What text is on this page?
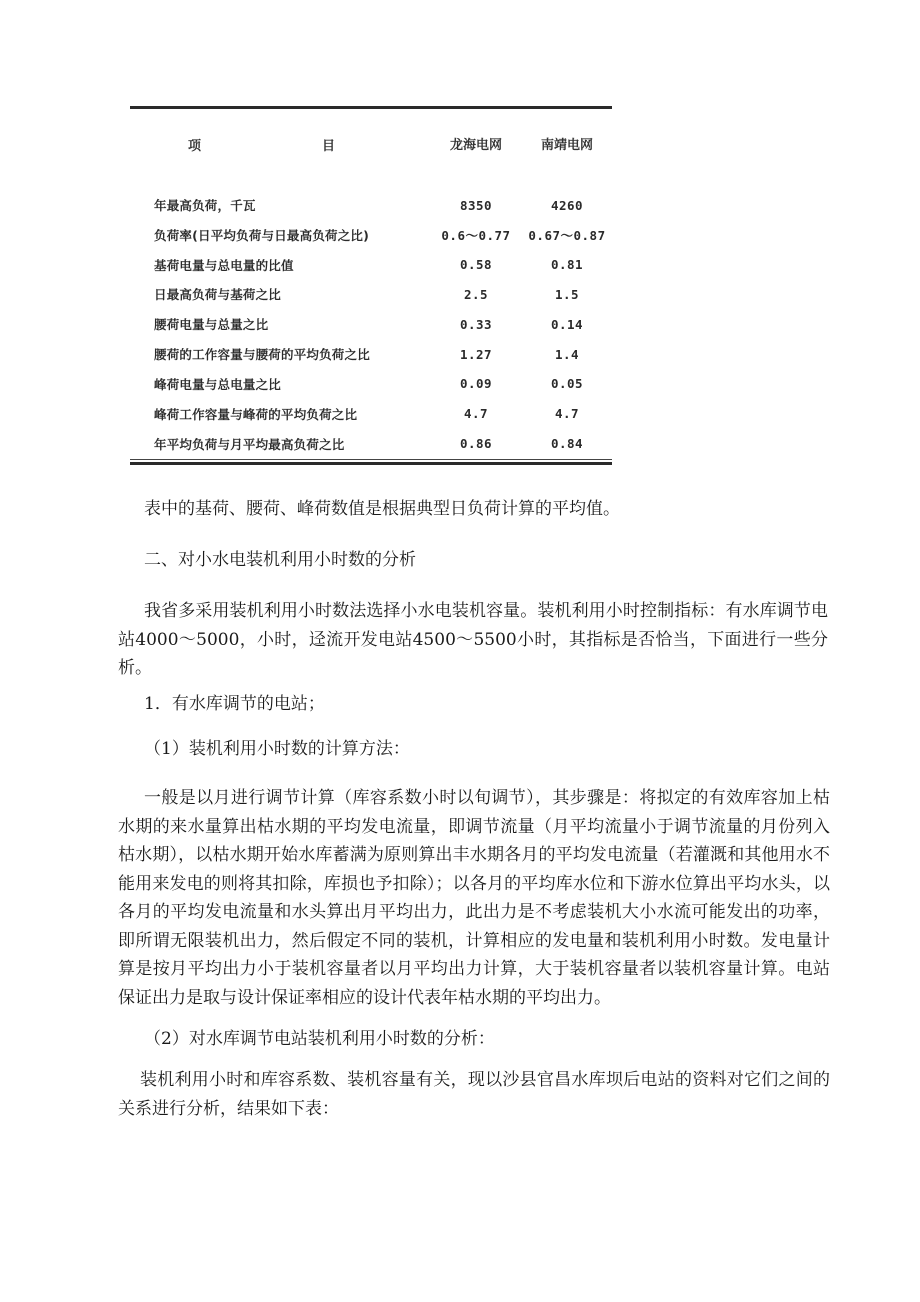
项 目	龙海电网	南靖电网
年最高负荷，千瓦	8350	4260
负荷率(日平均负荷与日最高负荷之比)	0.6～0.77	0.67～0.87
基荷电量与总电量的比值	0.58	0.81
日最高负荷与基荷之比	2.5	1.5
腰荷电量与总量之比	0.33	0.14
腰荷的工作容量与腰荷的平均负荷之比	1.27	1.4
峰荷电量与总电量之比	0.09	0.05
峰荷工作容量与峰荷的平均负荷之比	4.7	4.7
年平均负荷与月平均最高负荷之比	0.86	0.84

表中的基荷、腰荷、峰荷数值是根据典型日负荷计算的平均值。

二、对小水电装机利用小时数的分析

我省多采用装机利用小时数法选择小水电装机容量。装机利用小时控制指标：有水库调节电站4000～5000，小时，迳流开发电站4500～5500小时，其指标是否恰当，下面进行一些分析。

1．有水库调节的电站；

（1）装机利用小时数的计算方法：

一般是以月进行调节计算（库容系数小时以旬调节），其步骤是：将拟定的有效库容加上枯水期的来水量算出枯水期的平均发电流量，即调节流量（月平均流量小于调节流量的月份列入枯水期），以枯水期开始水库蓄满为原则算出丰水期各月的平均发电流量（若灌溉和其他用水不能用来发电的则将其扣除，库损也予扣除）；以各月的平均库水位和下游水位算出平均水头，以各月的平均发电流量和水头算出月平均出力，此出力是不考虑装机大小水流可能发出的功率，即所谓无限装机出力，然后假定不同的装机，计算相应的发电量和装机利用小时数。发电量计算是按月平均出力小于装机容量者以月平均出力计算，大于装机容量者以装机容量计算。电站保证出力是取与设计保证率相应的设计代表年枯水期的平均出力。

（2）对水库调节电站装机利用小时数的分析：

装机利用小时和库容系数、装机容量有关，现以沙县官昌水库坝后电站的资料对它们之间的关系进行分析，结果如下表：
